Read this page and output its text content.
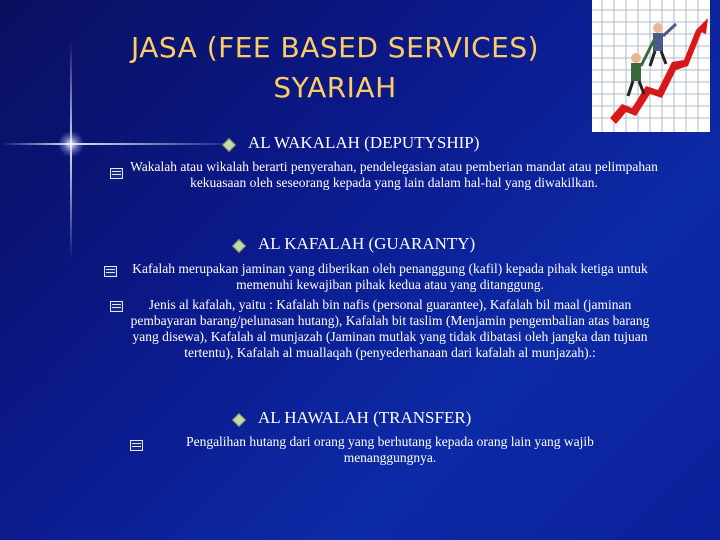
JASA (FEE BASED SERVICES)
SYARIAH
AL WAKALAH (DEPUTYSHIP)
Wakalah atau wikalah berarti penyerahan, pendelegasian atau pemberian mandat atau pelimpahan kekuasaan oleh seseorang kepada yang lain dalam hal-hal yang diwakilkan.
AL KAFALAH (GUARANTY)
Kafalah merupakan jaminan yang diberikan oleh penanggung (kafil) kepada pihak ketiga untuk memenuhi kewajiban pihak kedua atau yang ditanggung.
Jenis al kafalah, yaitu : Kafalah bin nafis (personal guarantee), Kafalah bil maal (jaminan pembayaran barang/pelunasan hutang), Kafalah bit taslim (Menjamin pengembalian atas barang yang disewa), Kafalah al munjazah (Jaminan mutlak yang tidak dibatasi oleh jangka dan tujuan tertentu), Kafalah al muallaqah (penyederhanaan dari kafalah al munjazah).:
AL HAWALAH (TRANSFER)
Pengalihan hutang dari orang yang berhutang kepada orang lain yang wajib menanggungnya.
